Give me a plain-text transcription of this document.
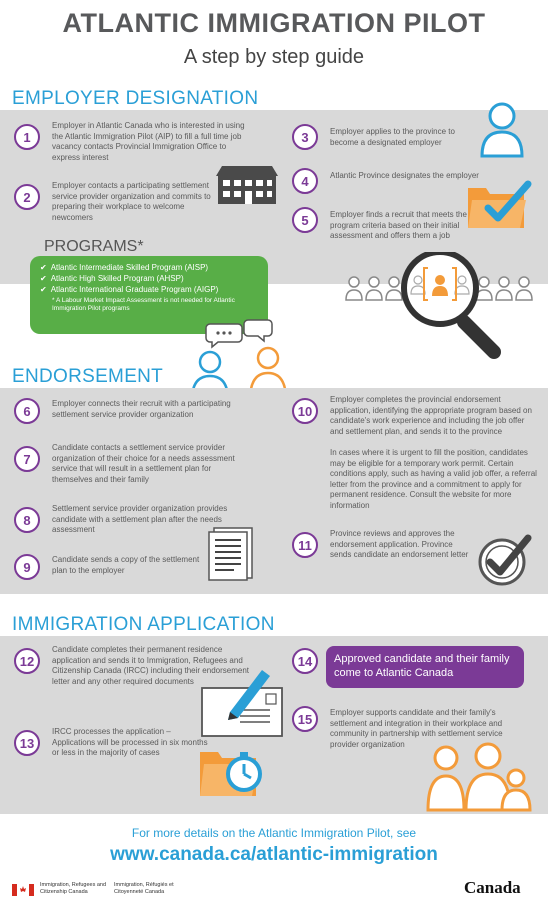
ATLANTIC IMMIGRATION PILOT
A step by step guide
EMPLOYER DESIGNATION
1
Employer in Atlantic Canada who is interested in using the Atlantic Immigration Pilot (AIP) to fill a full time job vacancy contacts Provincial Immigration Office to express interest
2
Employer contacts a participating settlement service provider organization and commits to preparing their workplace to welcome newcomers
3	Employer applies to the province to become a designated employer
4	Atlantic Province designates the employer
5	Employer finds a recruit that meets the program criteria based on their initial assessment and offers them a job
PROGRAMS*
✔ Atlantic Intermediate Skilled Program (AISP)
✔ Atlantic High Skilled Program (AHSP)
✔ Atlantic International Graduate Program (AIGP)
* A Labour Market Impact Assessment is not needed for Atlantic Immigration Pilot programs
ENDORSEMENT
6	Employer connects their recruit with a participating settlement service provider organization
7
Candidate contacts a settlement service provider organization of their choice for a needs assessment service that will result in a settlement plan for themselves and their family
8
Settlement service provider organization provides candidate with a settlement plan after the needs assessment
9	Candidate sends a copy of the settlement plan to the employer
10
Employer completes the provincial endorsement application, identifying the appropriate program based on candidate's work experience and including the job offer and settlement plan, and sends it to the province
In cases where it is urgent to fill the position, candidates may be eligible for a temporary work permit. Certain conditions apply, such as having a valid job offer, a referral letter from the province and a commitment to apply for permanent residence. Consult the website for more information
11
Province reviews and approves the endorsement application. Province sends candidate an endorsement letter
IMMIGRATION APPLICATION
12
Candidate completes their permanent residence application and sends it to Immigration, Refugees and Citizenship Canada (IRCC) including their endorsement letter and any other required documents
13
IRCC processes the application – Applications will be processed in six months or less in the majority of cases
14	Approved candidate and their family come to Atlantic Canada
15	Employer supports candidate and their family's settlement and integration in their workplace and community in partnership with settlement service provider organization
For more details on the Atlantic Immigration Pilot, see
www.canada.ca/atlantic-immigration
Immigration, Refugees and Citizenship Canada
Immigration, Réfugiés et Citoyenneté Canada	Canada
